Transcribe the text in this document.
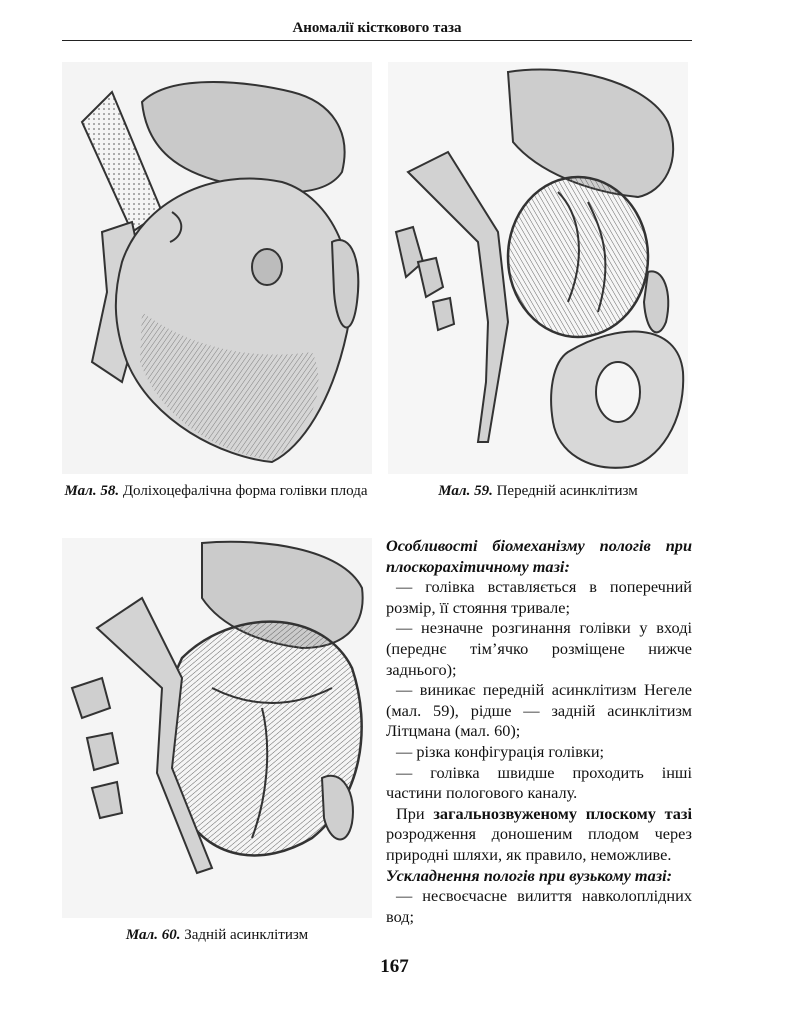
Аномалії кісткового таза
Мал. 58. Доліхоцефалічна форма голівки плода	Мал. 59. Передній асинклітизм
Мал. 60. Задній асинклітизм

Особливості біомеханізму пологів при плоскорахітичному тазі:

— голівка вставляється в поперечний розмір, її стояння тривале;

— незначне розгинання голівки у вході (переднє тім’ячко розміщене нижче заднього);

— виникає передній асинклітизм Негеле (мал. 59), рідше — задній асинклітизм Літцмана (мал. 60);

— різка конфігурація голівки;

— голівка швидше проходить інші частини пологового каналу.

При загальнозвуженому плоскому тазі розродження доношеним плодом через природні шляхи, як правило, неможливе.

Ускладнення пологів при вузькому тазі:

— несвоєчасне вилиття навколоплідних вод;

167
